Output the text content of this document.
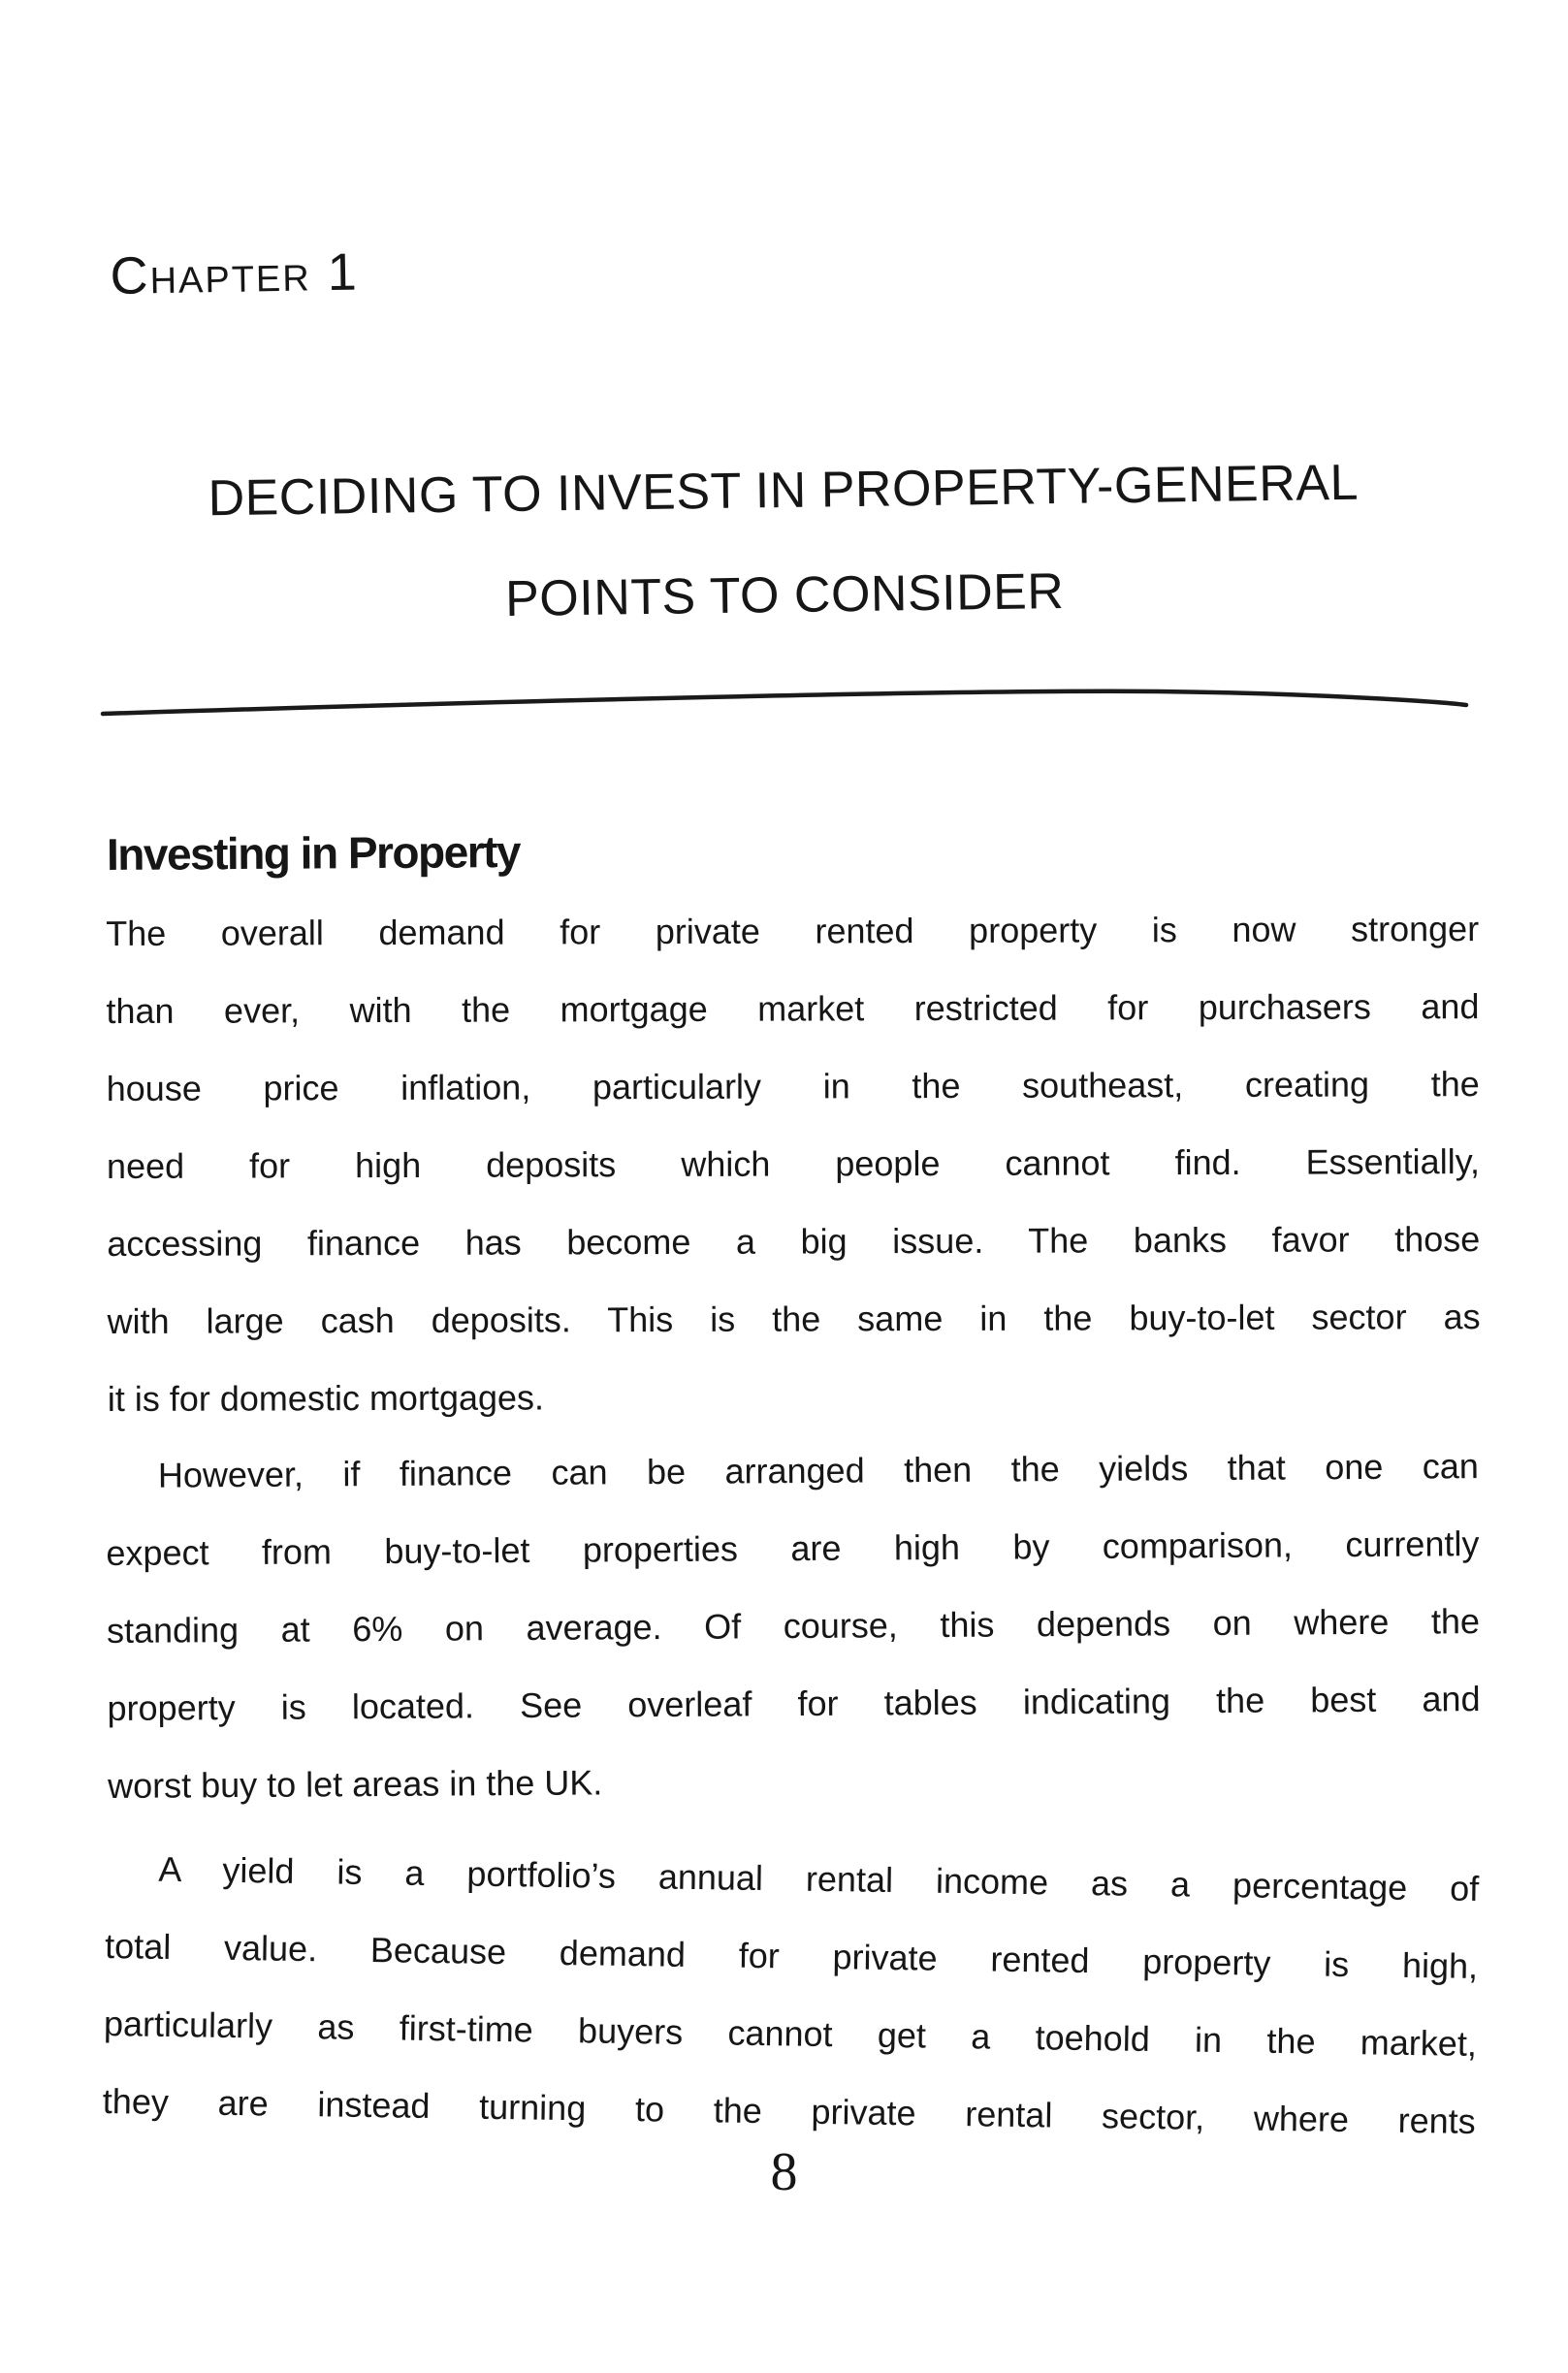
Chapter 1
DECIDING TO INVEST IN PROPERTY-GENERAL
POINTS TO CONSIDER
Investing in Property
The overall demand for private rented property is now stronger
than ever, with the mortgage market restricted for purchasers and
house price inflation, particularly in the southeast, creating the
need for high deposits which people cannot find. Essentially,
accessing finance has become a big issue. The banks favor those
with large cash deposits. This is the same in the buy-to-let sector as
it is for domestic mortgages.
However, if finance can be arranged then the yields that one can
expect from buy-to-let properties are high by comparison, currently
standing at 6% on average. Of course, this depends on where the
property is located. See overleaf for tables indicating the best and
worst buy to let areas in the UK.
A yield is a portfolio’s annual rental income as a percentage of
total value. Because demand for private rented property is high,
particularly as first-time buyers cannot get a toehold in the market,
they are instead turning to the private rental sector, where rents
8
